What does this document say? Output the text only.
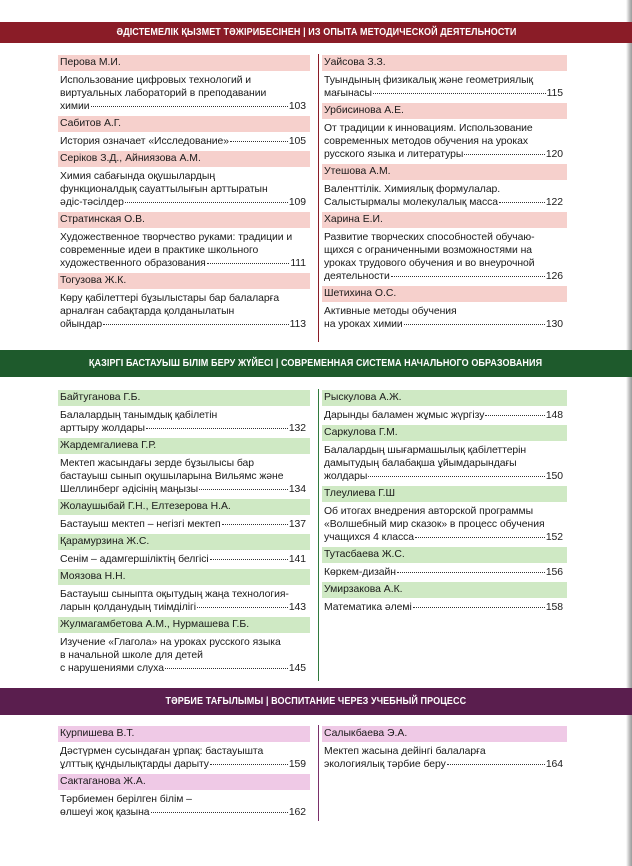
ӘДІСТЕМЕЛІК ҚЫЗМЕТ ТӘЖІРИБЕСІНЕН | ИЗ ОПЫТА МЕТОДИЧЕСКОЙ ДЕЯТЕЛЬНОСТИ
Перова М.И.
Использование цифровых технологий и
виртуальных лабораторий в преподавании
химии	103
Сабитов А.Г.
История означает «Исследование»	105
Серіков З.Д., Айниязова А.М.
Химия сабағында оқушылардың
функционалдық сауаттылығын арттыратын
әдіс-тәсілдер	109
Стратинская О.В.
Художественное творчество руками: традиции и
современные идеи в практике школьного
художественного образования	111
Тогузова Ж.К.
Көру қабілеттері бұзылыстары бар балаларға
арналған сабақтарда қолданылатын
ойындар	113
Уайсова З.З.
Туындының физикалық және геометриялық
мағынасы	115
Урбисинова А.Е.
От традиции к инновациям. Использование
современных методов обучения на уроках
русского языка и литературы	120
Утешова А.М.
Валенттілік. Химиялық формулалар.
Салыстырмалы молекулалық масса	122
Харина Е.И.
Развитие творческих способностей обучаю-
щихся с ограниченными возможностями на
уроках трудового обучения и во внеурочной
деятельности	126
Шетихина О.С.
Активные методы обучения
на уроках химии	130
ҚАЗІРГІ БАСТАУЫШ БІЛІМ БЕРУ ЖҮЙЕСІ | СОВРЕМЕННАЯ СИСТЕМА НАЧАЛЬНОГО ОБРАЗОВАНИЯ
Байтуганова Г.Б.
Балалардың танымдық қабілетін
арттыру жолдары	132
Жардемгалиева Г.Р.
Мектеп жасындағы зерде бұзылысы бар
бастауыш сынып оқушыларына Вильямс және
Шеллинберг әдісінің маңызы	134
Жолаушыбай Г.Н., Елтезерова Н.А.
Бастауыш мектеп – негізгі мектеп	137
Қарамурзина Ж.С.
Сенім – адамгершіліктің белгісі	141
Моязова Н.Н.
Бастауыш сыныпта оқытудың жаңа технология-
ларын қолданудың тиімділігі	143
Жулмагамбетова А.М., Нурмашева Г.Б.
Изучение «Глагола» на уроках русского языка
в начальной школе для детей
с нарушениями слуха	145
Рыскулова А.Ж.
Дарынды баламен жұмыс жүргізу	148
Саркулова Г.М.
Балалардың шығармашылық қабілеттерін
дамытудың балабақша ұйымдарындағы
жолдары	150
Тлеулиева Г.Ш
Об итогах внедрения авторской программы
«Волшебный мир сказок» в процесс обучения
учащихся 4 класса	152
Тутасбаева Ж.С.
Көркем-дизайн	156
Умирзакова А.К.
Математика әлемі	158
ТӘРБИЕ ТАҒЫЛЫМЫ | ВОСПИТАНИЕ ЧЕРЕЗ УЧЕБНЫЙ ПРОЦЕСС
Курпишева В.Т.
Дәстүрмен сусындаған ұрпақ: бастауышта
ұлттық құндылықтарды дарыту	159
Сактаганова Ж.А.
Тәрбиемен берілген білім –
өлшеуі жоқ қазына	162
Салыкбаева Э.А.
Мектеп жасына дейінгі балаларға
экологиялық тәрбие беру	164
